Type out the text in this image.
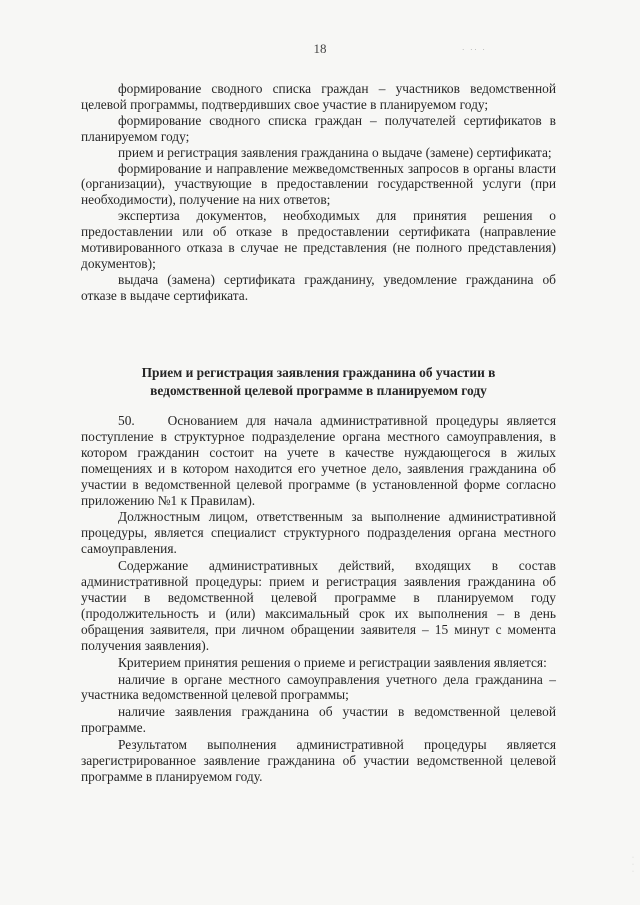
18	· ·· ·

формирование сводного списка граждан – участников ведомственной целевой программы, подтвердивших свое участие в планируемом году;

формирование сводного списка граждан – получателей сертификатов в планируемом году;

прием и регистрация заявления гражданина о выдаче (замене) сертификата;

формирование и направление межведомственных запросов в органы власти (организации), участвующие в предоставлении государственной услуги (при необходимости), получение на них ответов;

экспертиза документов, необходимых для принятия решения о предоставлении или об отказе в предоставлении сертификата (направление мотивированного отказа в случае не представления (не полного представления) документов);

выдача (замена) сертификата гражданину, уведомление гражданина об отказе в выдаче сертификата.

Прием и регистрация заявления гражданина об участии в
ведомственной целевой программе в планируемом году

50.    Основанием для начала административной процедуры является поступление в структурное подразделение органа местного самоуправления, в котором гражданин состоит на учете в качестве нуждающегося в жилых помещениях и в котором находится его учетное дело, заявления гражданина об участии в ведомственной целевой программе (в установленной форме согласно приложению №1 к Правилам).

Должностным лицом, ответственным за выполнение административной процедуры, является специалист структурного подразделения органа местного самоуправления.

Содержание административных действий, входящих в состав административной процедуры: прием и регистрация заявления гражданина об участии в ведомственной целевой программе в планируемом году (продолжительность и (или) максимальный срок их выполнения – в день обращения заявителя, при личном обращении заявителя – 15 минут с момента получения заявления).

Критерием принятия решения о приеме и регистрации заявления является:

наличие в органе местного самоуправления учетного дела гражданина – участника ведомственной целевой программы;

наличие заявления гражданина об участии в ведомственной целевой программе.

Результатом выполнения административной процедуры является зарегистрированное заявление гражданина об участии ведомственной целевой программе в планируемом году.

·
·
·
